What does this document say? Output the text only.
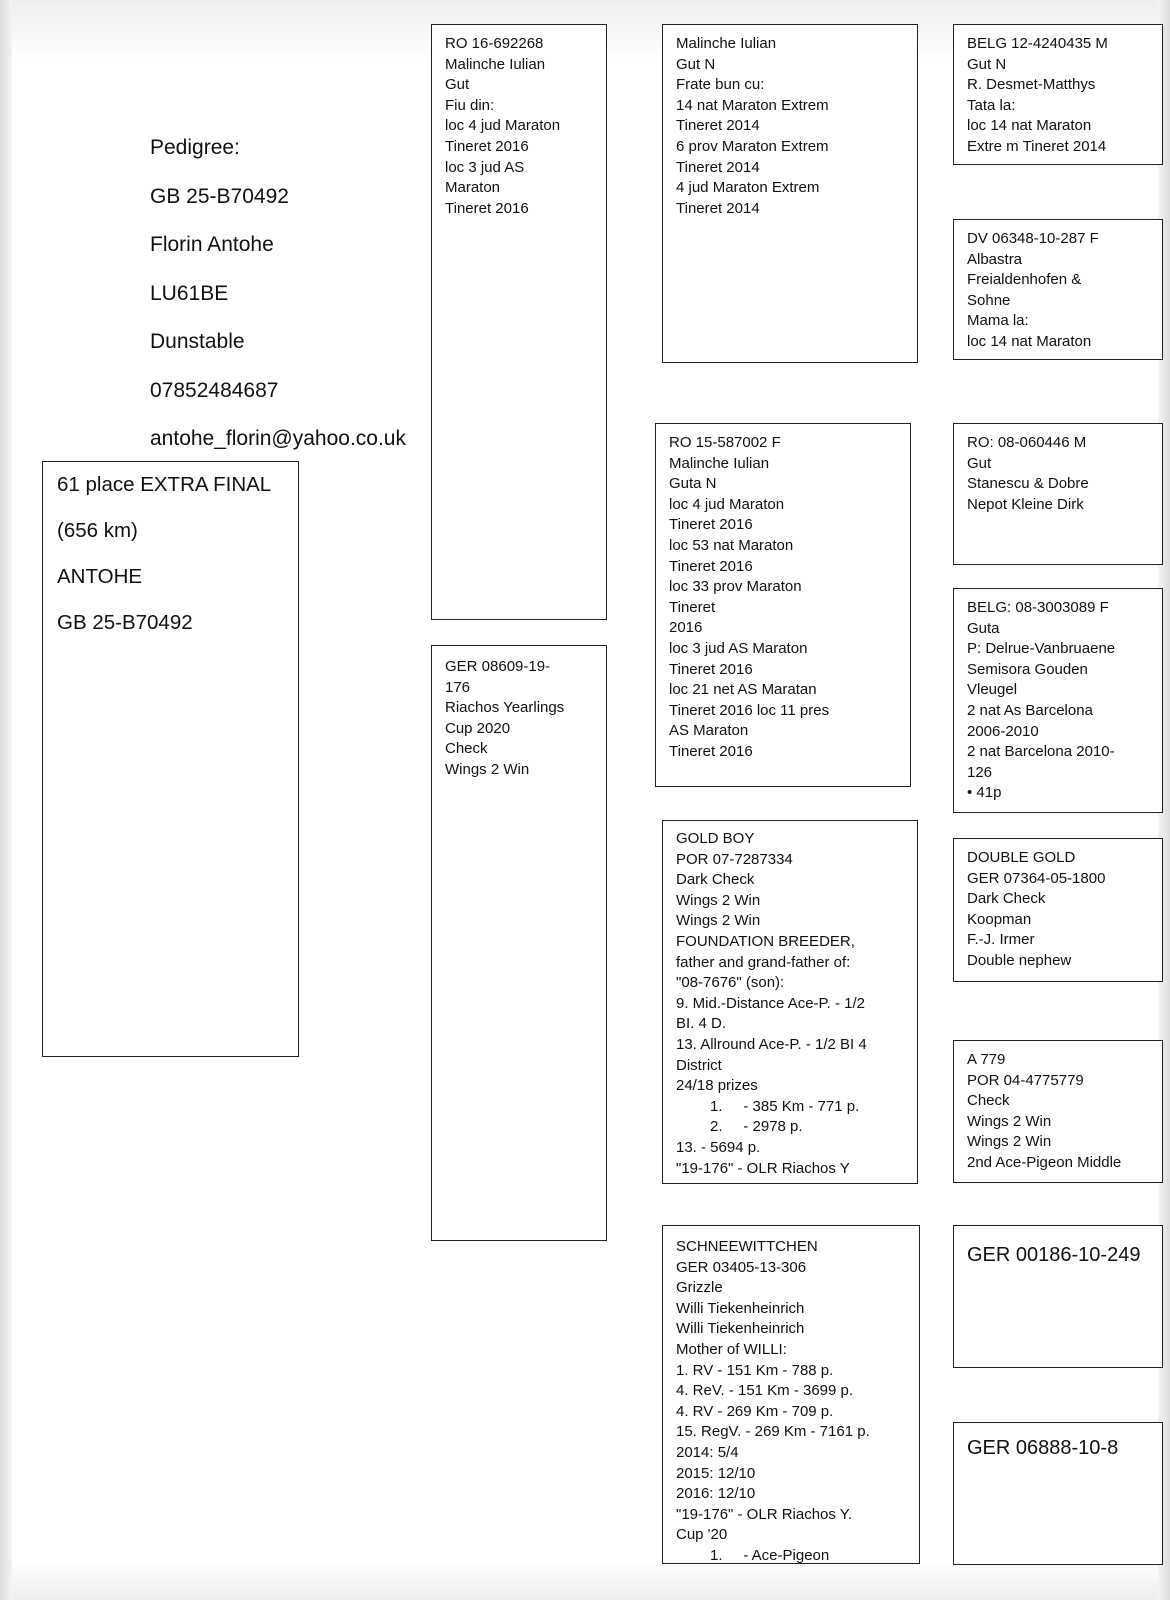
Pedigree:
GB 25-B70492
Florin Antohe
LU61BE
Dunstable
07852484687
antohe_florin@yahoo.co.uk
61 place EXTRA FINAL
(656 km)
ANTOHE
GB 25-B70492
RO 16-692268
Malinche Iulian
Gut
Fiu din:
loc 4 jud Maraton
Tineret 2016
loc 3 jud AS
Maraton
Tineret 2016
GER 08609-19-
176
Riachos Yearlings
Cup 2020
Check
Wings 2 Win
Malinche Iulian
Gut N
Frate bun cu:
14 nat Maraton Extrem
Tineret 2014
6 prov Maraton Extrem
Tineret 2014
4 jud Maraton Extrem
Tineret 2014
RO 15-587002 F
Malinche Iulian
Guta N
loc 4 jud Maraton
Tineret 2016
loc 53 nat Maraton
Tineret 2016
loc 33 prov Maraton
Tineret
2016
loc 3 jud AS Maraton
Tineret 2016
loc 21 net AS Maratan
Tineret 2016 loc 11 pres
AS Maraton
Tineret 2016
GOLD BOY
POR 07-7287334
Dark Check
Wings 2 Win
Wings 2 Win
FOUNDATION BREEDER,
father and grand-father of:
"08-7676" (son):
9. Mid.-Distance Ace-P. - 1/2
BI. 4 D.
13. Allround Ace-P. - 1/2 BI 4
District
24/18 prizes
1.     - 385 Km - 771 p.
2.     - 2978 p.
13. - 5694 p.
"19-176" - OLR Riachos Y
SCHNEEWITTCHEN
GER 03405-13-306
Grizzle
Willi Tiekenheinrich
Willi Tiekenheinrich
Mother of WILLI:
1. RV - 151 Km - 788 p.
4. ReV. - 151 Km - 3699 p.
4. RV - 269 Km - 709 p.
15. RegV. - 269 Km - 7161 p.
2014: 5/4
2015: 12/10
2016: 12/10
"19-176" - OLR Riachos Y.
Cup '20
1.     - Ace-Pigeon
BELG 12-4240435 M
Gut N
R. Desmet-Matthys
Tata la:
loc 14 nat Maraton
Extre m Tineret 2014
DV 06348-10-287 F
Albastra
Freialdenhofen &
Sohne
Mama la:
loc 14 nat Maraton
RO: 08-060446 M
Gut
Stanescu & Dobre
Nepot Kleine Dirk
BELG: 08-3003089 F
Guta
P: Delrue-Vanbruaene
Semisora Gouden
Vleugel
2 nat As Barcelona
2006-2010
2 nat Barcelona 2010-
126
• 41p
DOUBLE GOLD
GER 07364-05-1800
Dark Check
Koopman
F.-J. Irmer
Double nephew
A 779
POR 04-4775779
Check
Wings 2 Win
Wings 2 Win
2nd Ace-Pigeon Middle
GER 00186-10-249
GER 06888-10-8
